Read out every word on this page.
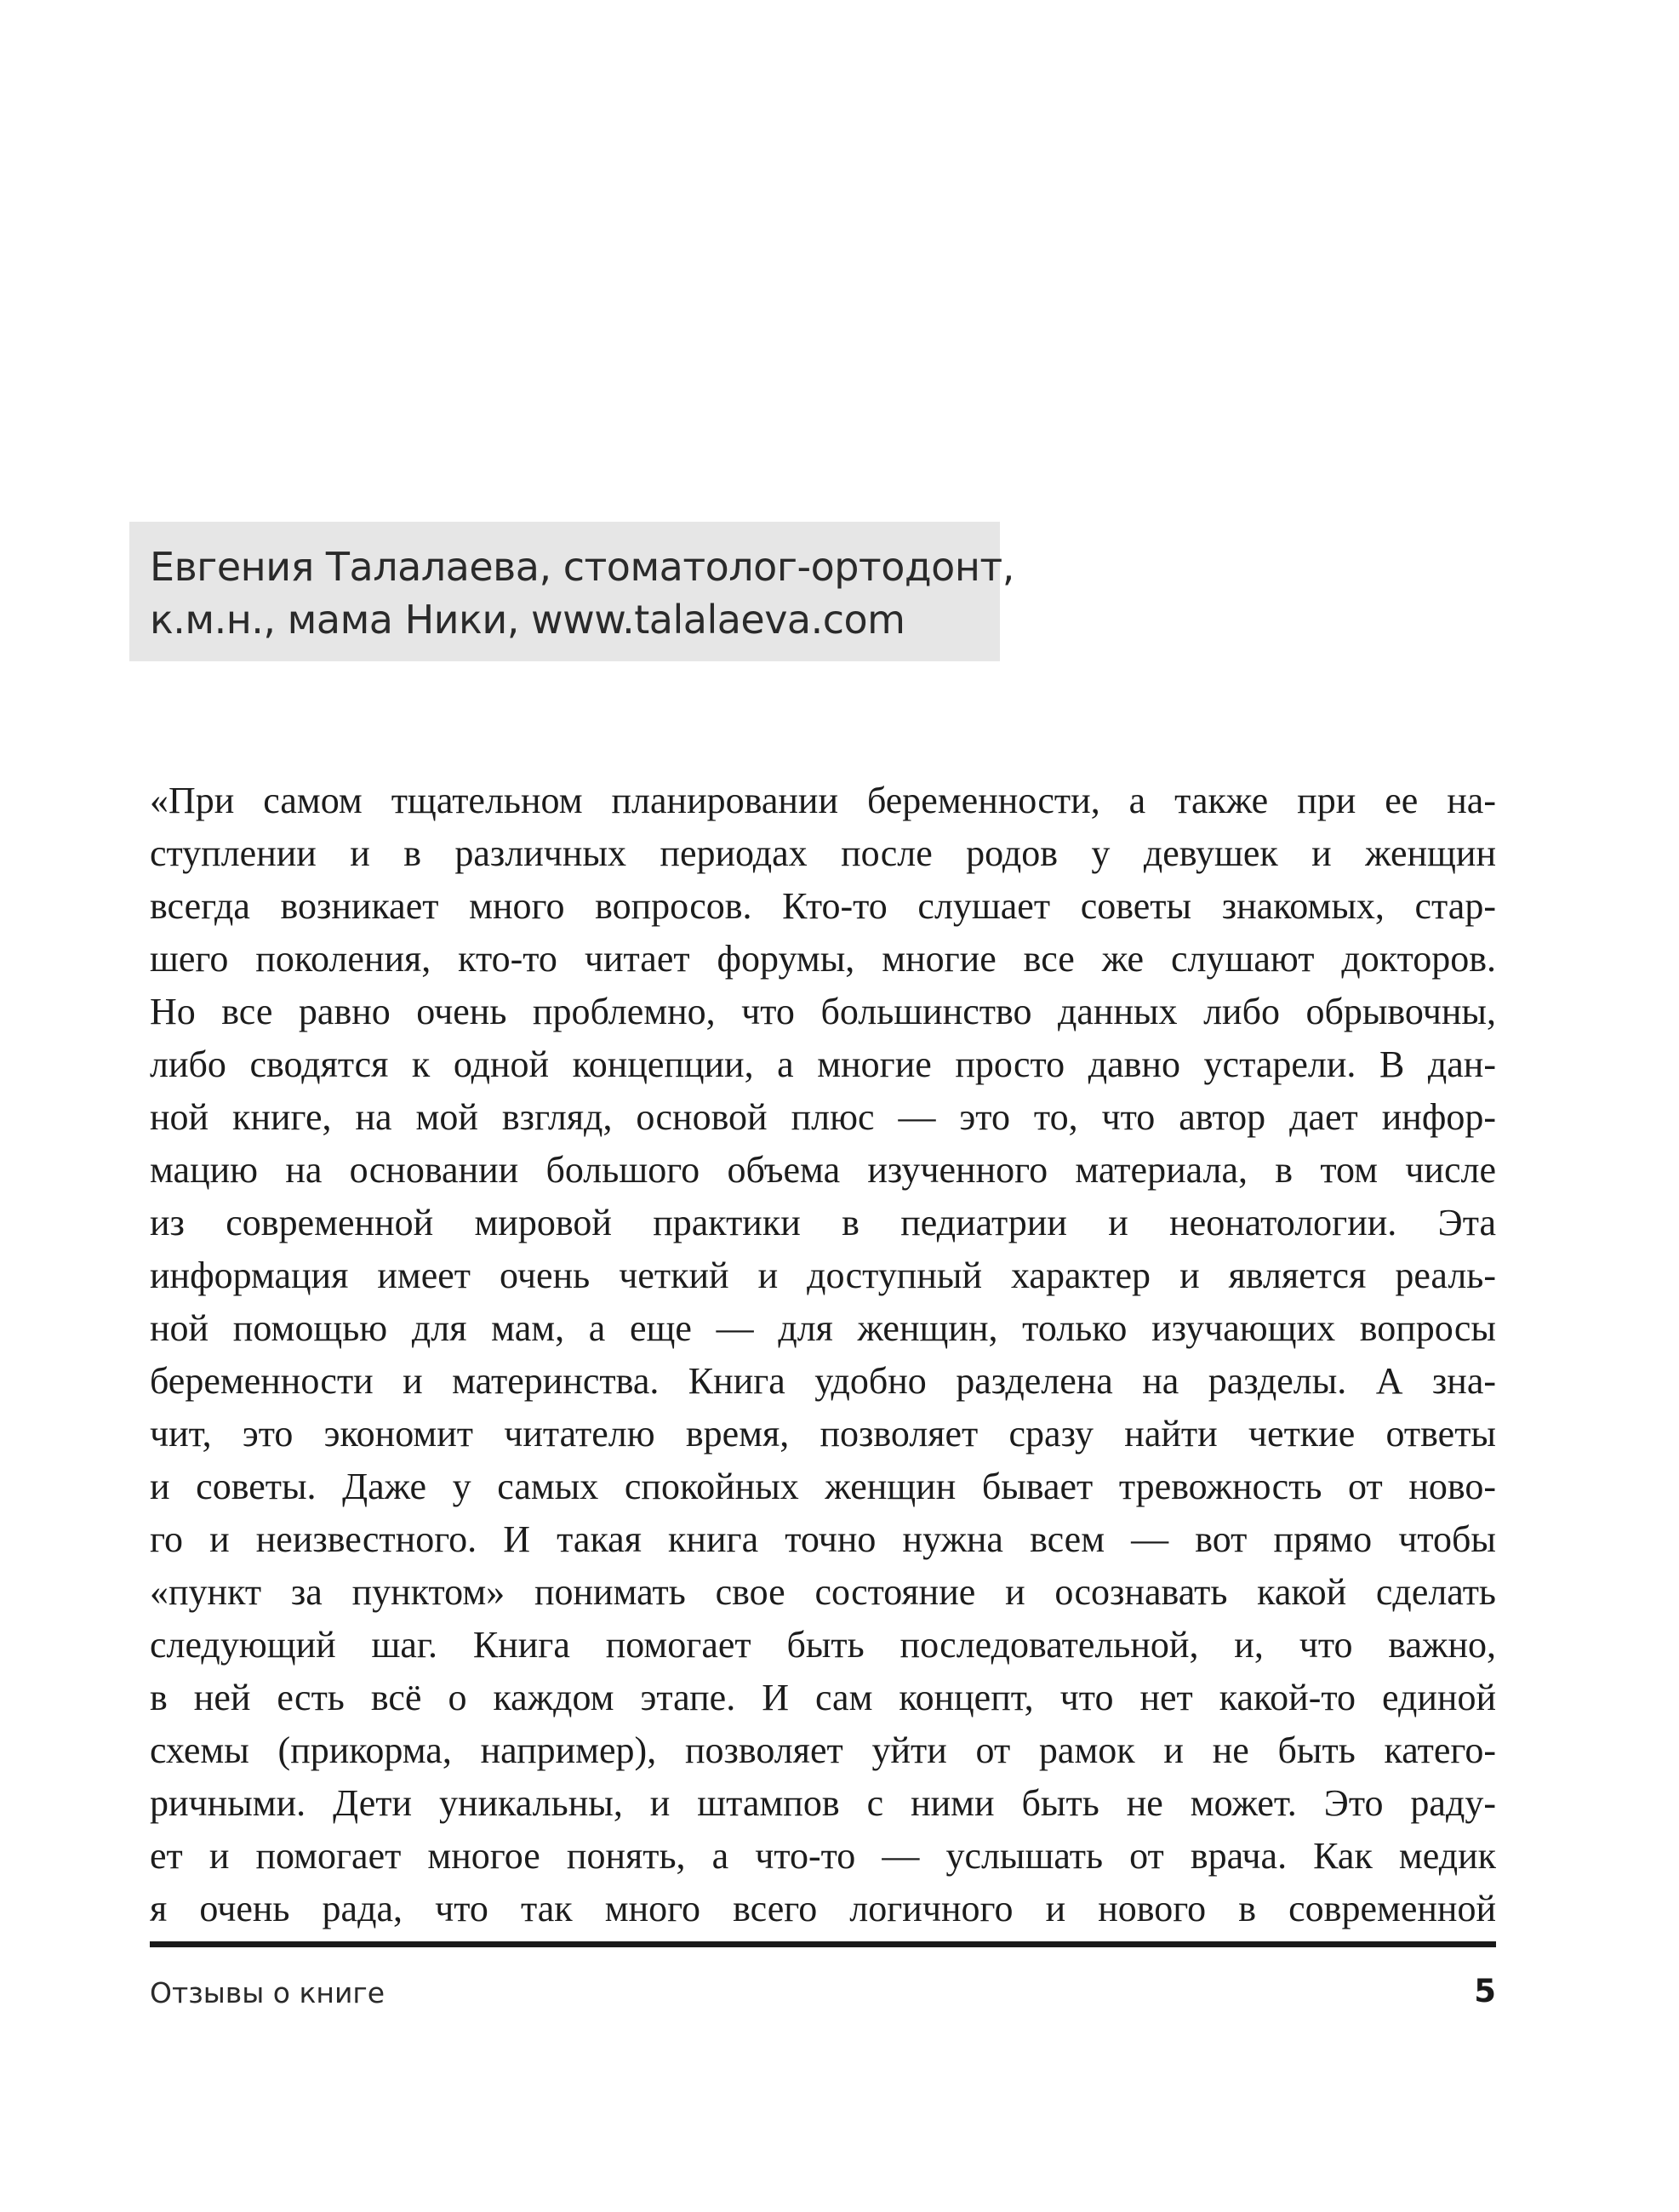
Евгения Талалаева, стоматолог-ортодонт,
к.м.н., мама Ники, www.talalaeva.com
«При самом тщательном планировании беременности, а также при ее на-
ступлении и в различных периодах после родов у девушек и женщин
всегда возникает много вопросов. Кто-то слушает советы знакомых, стар-
шего поколения, кто-то читает форумы, многие все же слушают докторов.
Но все равно очень проблемно, что большинство данных либо обрывочны,
либо сводятся к одной концепции, а многие просто давно устарели. В дан-
ной книге, на мой взгляд, основой плюс — это то, что автор дает инфор-
мацию на основании большого объема изученного материала, в том числе
из современной мировой практики в педиатрии и неонатологии. Эта
информация имеет очень четкий и доступный характер и является реаль-
ной помощью для мам, а еще — для женщин, только изучающих вопросы
беременности и материнства. Книга удобно разделена на разделы. А зна-
чит, это экономит читателю время, позволяет сразу найти четкие ответы
и советы. Даже у самых спокойных женщин бывает тревожность от ново-
го и неизвестного. И такая книга точно нужна всем — вот прямо чтобы
«пункт за пунктом» понимать свое состояние и осознавать какой сделать
следующий шаг. Книга помогает быть последовательной, и, что важно,
в ней есть всё о каждом этапе. И сам концепт, что нет какой-то единой
схемы (прикорма, например), позволяет уйти от рамок и не быть катего-
ричными. Дети уникальны, и штампов с ними быть не может. Это раду-
ет и помогает многое понять, а что-то — услышать от врача. Как медик
я очень рада, что так много всего логичного и нового в современной
Отзывы о книге	5
